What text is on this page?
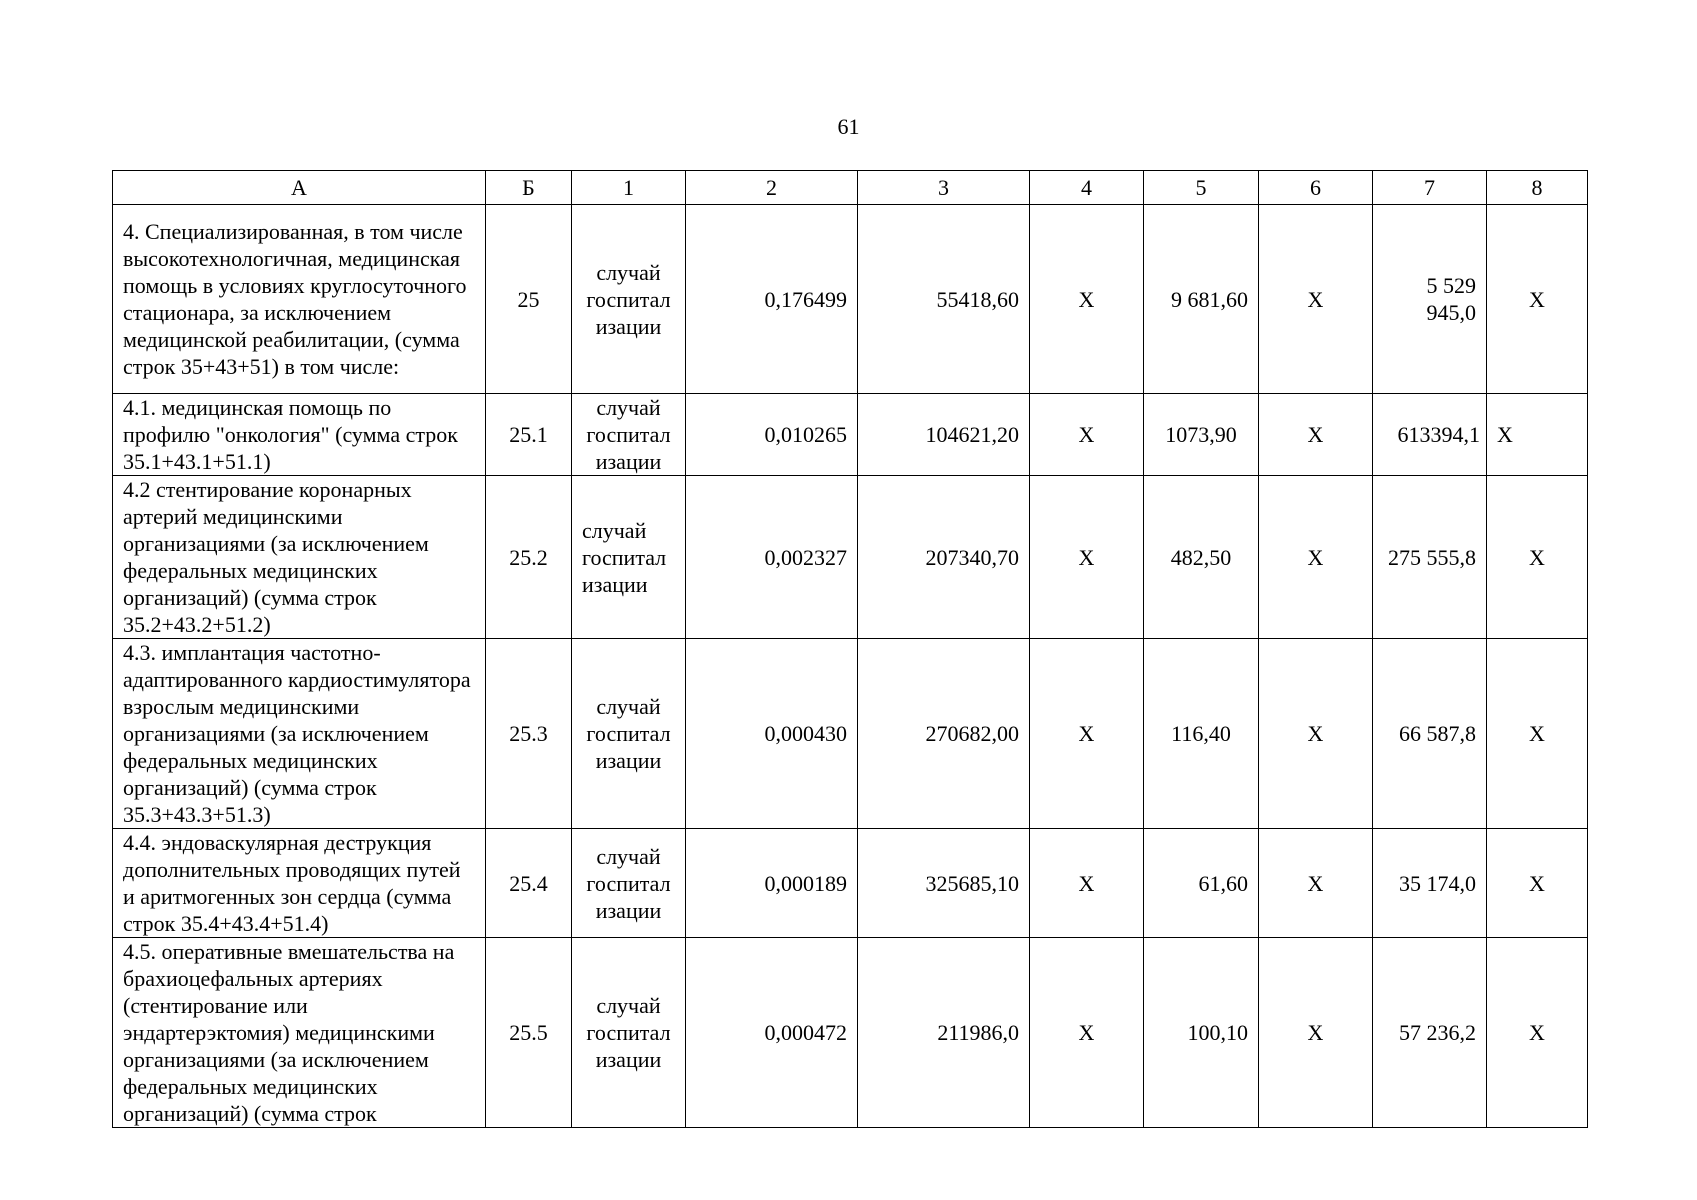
61
А	Б	1	2	3	4	5	6	7	8
4. Специализированная, в том числе высокотехнологичная, медицинская помощь в условиях круглосуточного стационара, за исключением медицинской реабилитации, (сумма строк 35+43+51) в том числе:	25	случай госпитал изации	0,176499	55418,60	Х	9 681,60	Х	5 529 945,0	Х
4.1. медицинская помощь по профилю "онкология" (сумма строк 35.1+43.1+51.1)	25.1	случай госпитал изации	0,010265	104621,20	Х	1073,90	Х	613394,1	Х
4.2 стентирование коронарных артерий медицинскими организациями (за исключением федеральных медицинских организаций) (сумма строк 35.2+43.2+51.2)	25.2	случай госпитал изации	0,002327	207340,70	Х	482,50	Х	275 555,8	Х
4.3. имплантация частотно-адаптированного кардиостимулятора взрослым медицинскими организациями (за исключением федеральных медицинских организаций) (сумма строк 35.3+43.3+51.3)	25.3	случай госпитал изации	0,000430	270682,00	Х	116,40	Х	66 587,8	Х
4.4. эндоваскулярная деструкция дополнительных проводящих путей и аритмогенных зон сердца (сумма строк 35.4+43.4+51.4)	25.4	случай госпитал изации	0,000189	325685,10	Х	61,60	Х	35 174,0	Х
4.5. оперативные вмешательства на брахиоцефальных артериях (стентирование или эндартерэктомия) медицинскими организациями (за исключением федеральных медицинских организаций) (сумма строк	25.5	случай госпитал изации	0,000472	211986,0	Х	100,10	Х	57 236,2	Х
